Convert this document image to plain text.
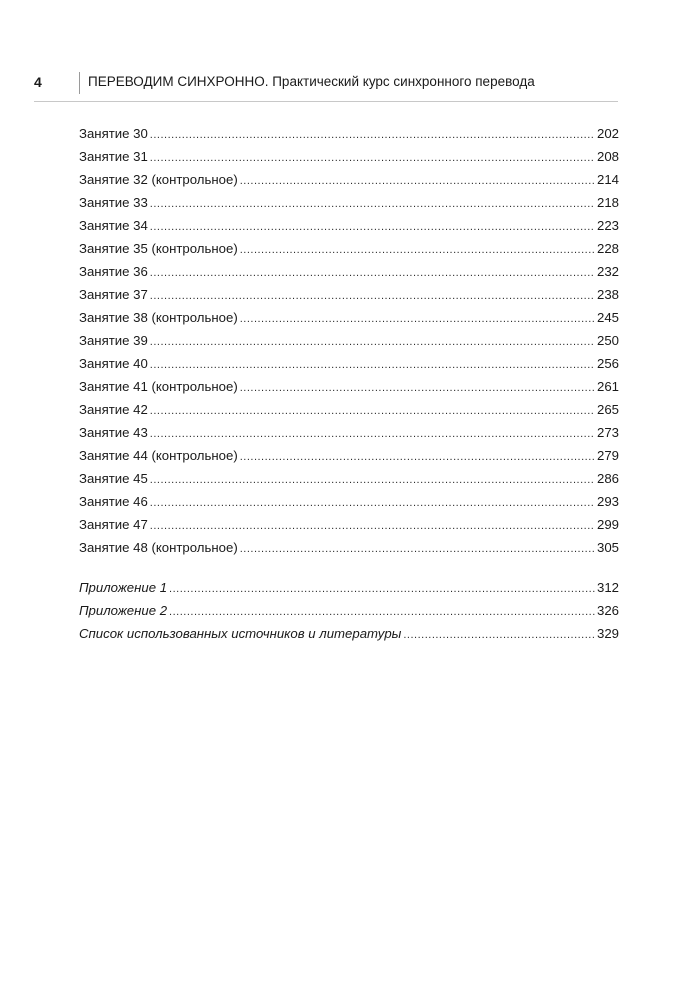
4	ПЕРЕВОДИМ СИНХРОННО. Практический курс синхронного перевода
Занятие 30 .....	202
Занятие 31 .....	208
Занятие 32 (контрольное) .....	214
Занятие 33 .....	218
Занятие 34 .....	223
Занятие 35 (контрольное) .....	228
Занятие 36 .....	232
Занятие 37 .....	238
Занятие 38 (контрольное) .....	245
Занятие 39 .....	250
Занятие 40 .....	256
Занятие 41 (контрольное) .....	261
Занятие 42 .....	265
Занятие 43 .....	273
Занятие 44 (контрольное) .....	279
Занятие 45 .....	286
Занятие 46 .....	293
Занятие 47 .....	299
Занятие 48 (контрольное) .....	305
Приложение 1 .....	312
Приложение 2 .....	326
Список использованных источников и литературы .....	329
